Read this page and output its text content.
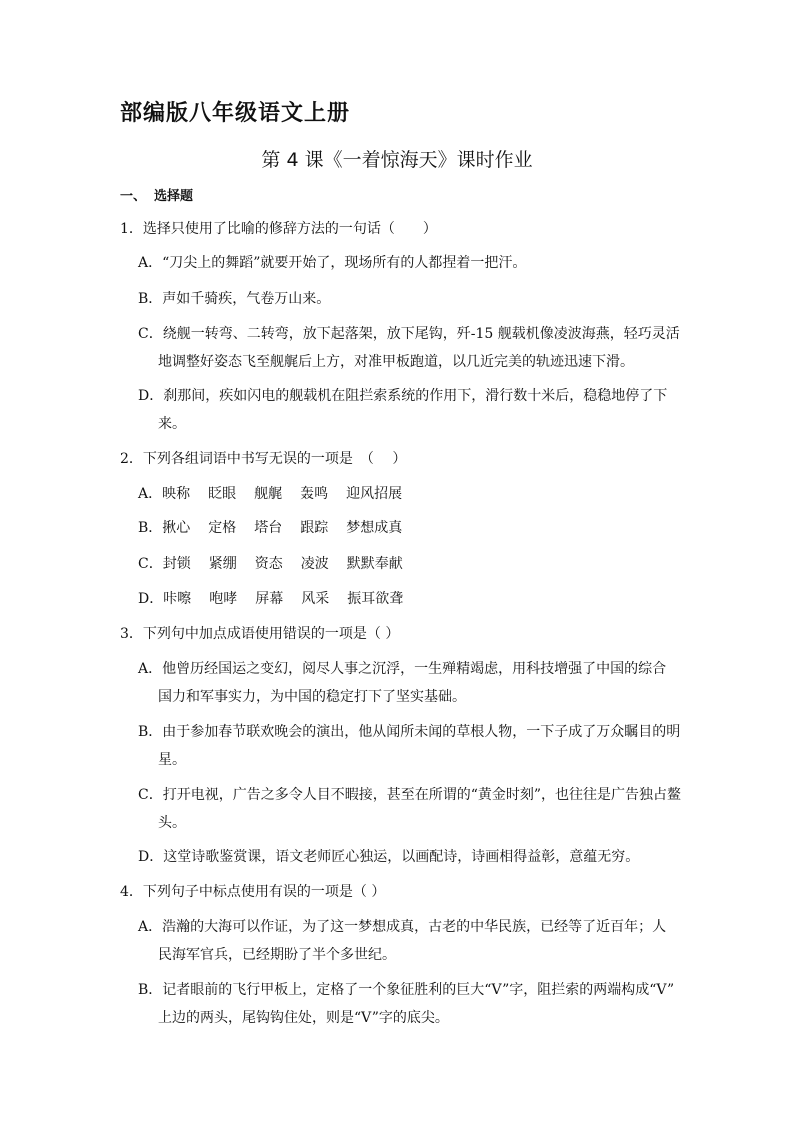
部编版八年级语文上册
第 4 课《一着惊海天》课时作业
一、 选择题
1．选择只使用了比喻的修辞方法的一句话（　　）
A．“刀尖上的舞蹈”就要开始了，现场所有的人都捏着一把汗。
B．声如千骑疾，气卷万山来。
C．绕舰一转弯、二转弯，放下起落架，放下尾钩，歼-15 舰载机像凌波海燕，轻巧灵活
地调整好姿态飞至舰艉后上方，对准甲板跑道，以几近完美的轨迹迅速下滑。
D．刹那间，疾如闪电的舰载机在阻拦索系统的作用下，滑行数十米后，稳稳地停了下
来。
2．下列各组词语中书写无误的一项是　（　 ）
A．映称 眨眼 舰艉 轰鸣 迎风招展
B．揪心 定格 塔台 跟踪 梦想成真
C．封锁 紧绷 资态 凌波 默默奉献
D．咔嚓 咆哮 屏幕 风采 振耳欲聋
3．下列句中加点成语使用错误的一项是（ ）
A．他曾历经国运之变幻，阅尽人事之沉浮，一生殚精竭虑，用科技增强了中国的综合
国力和军事实力，为中国的稳定打下了坚实基础。
B．由于参加春节联欢晚会的演出，他从闻所未闻的草根人物，一下子成了万众瞩目的明
星。
C．打开电视，广告之多令人目不暇接，甚至在所谓的“黄金时刻”，也往往是广告独占鳌
头。
D．这堂诗歌鉴赏课，语文老师匠心独运，以画配诗，诗画相得益彰，意蕴无穷。
4．下列句子中标点使用有误的一项是（ ）
A．浩瀚的大海可以作证，为了这一梦想成真，古老的中华民族，已经等了近百年；人
民海军官兵，已经期盼了半个多世纪。
B．记者眼前的飞行甲板上，定格了一个象征胜利的巨大“V”字，阻拦索的两端构成“V”
上边的两头，尾钩钩住处，则是“V”字的底尖。
